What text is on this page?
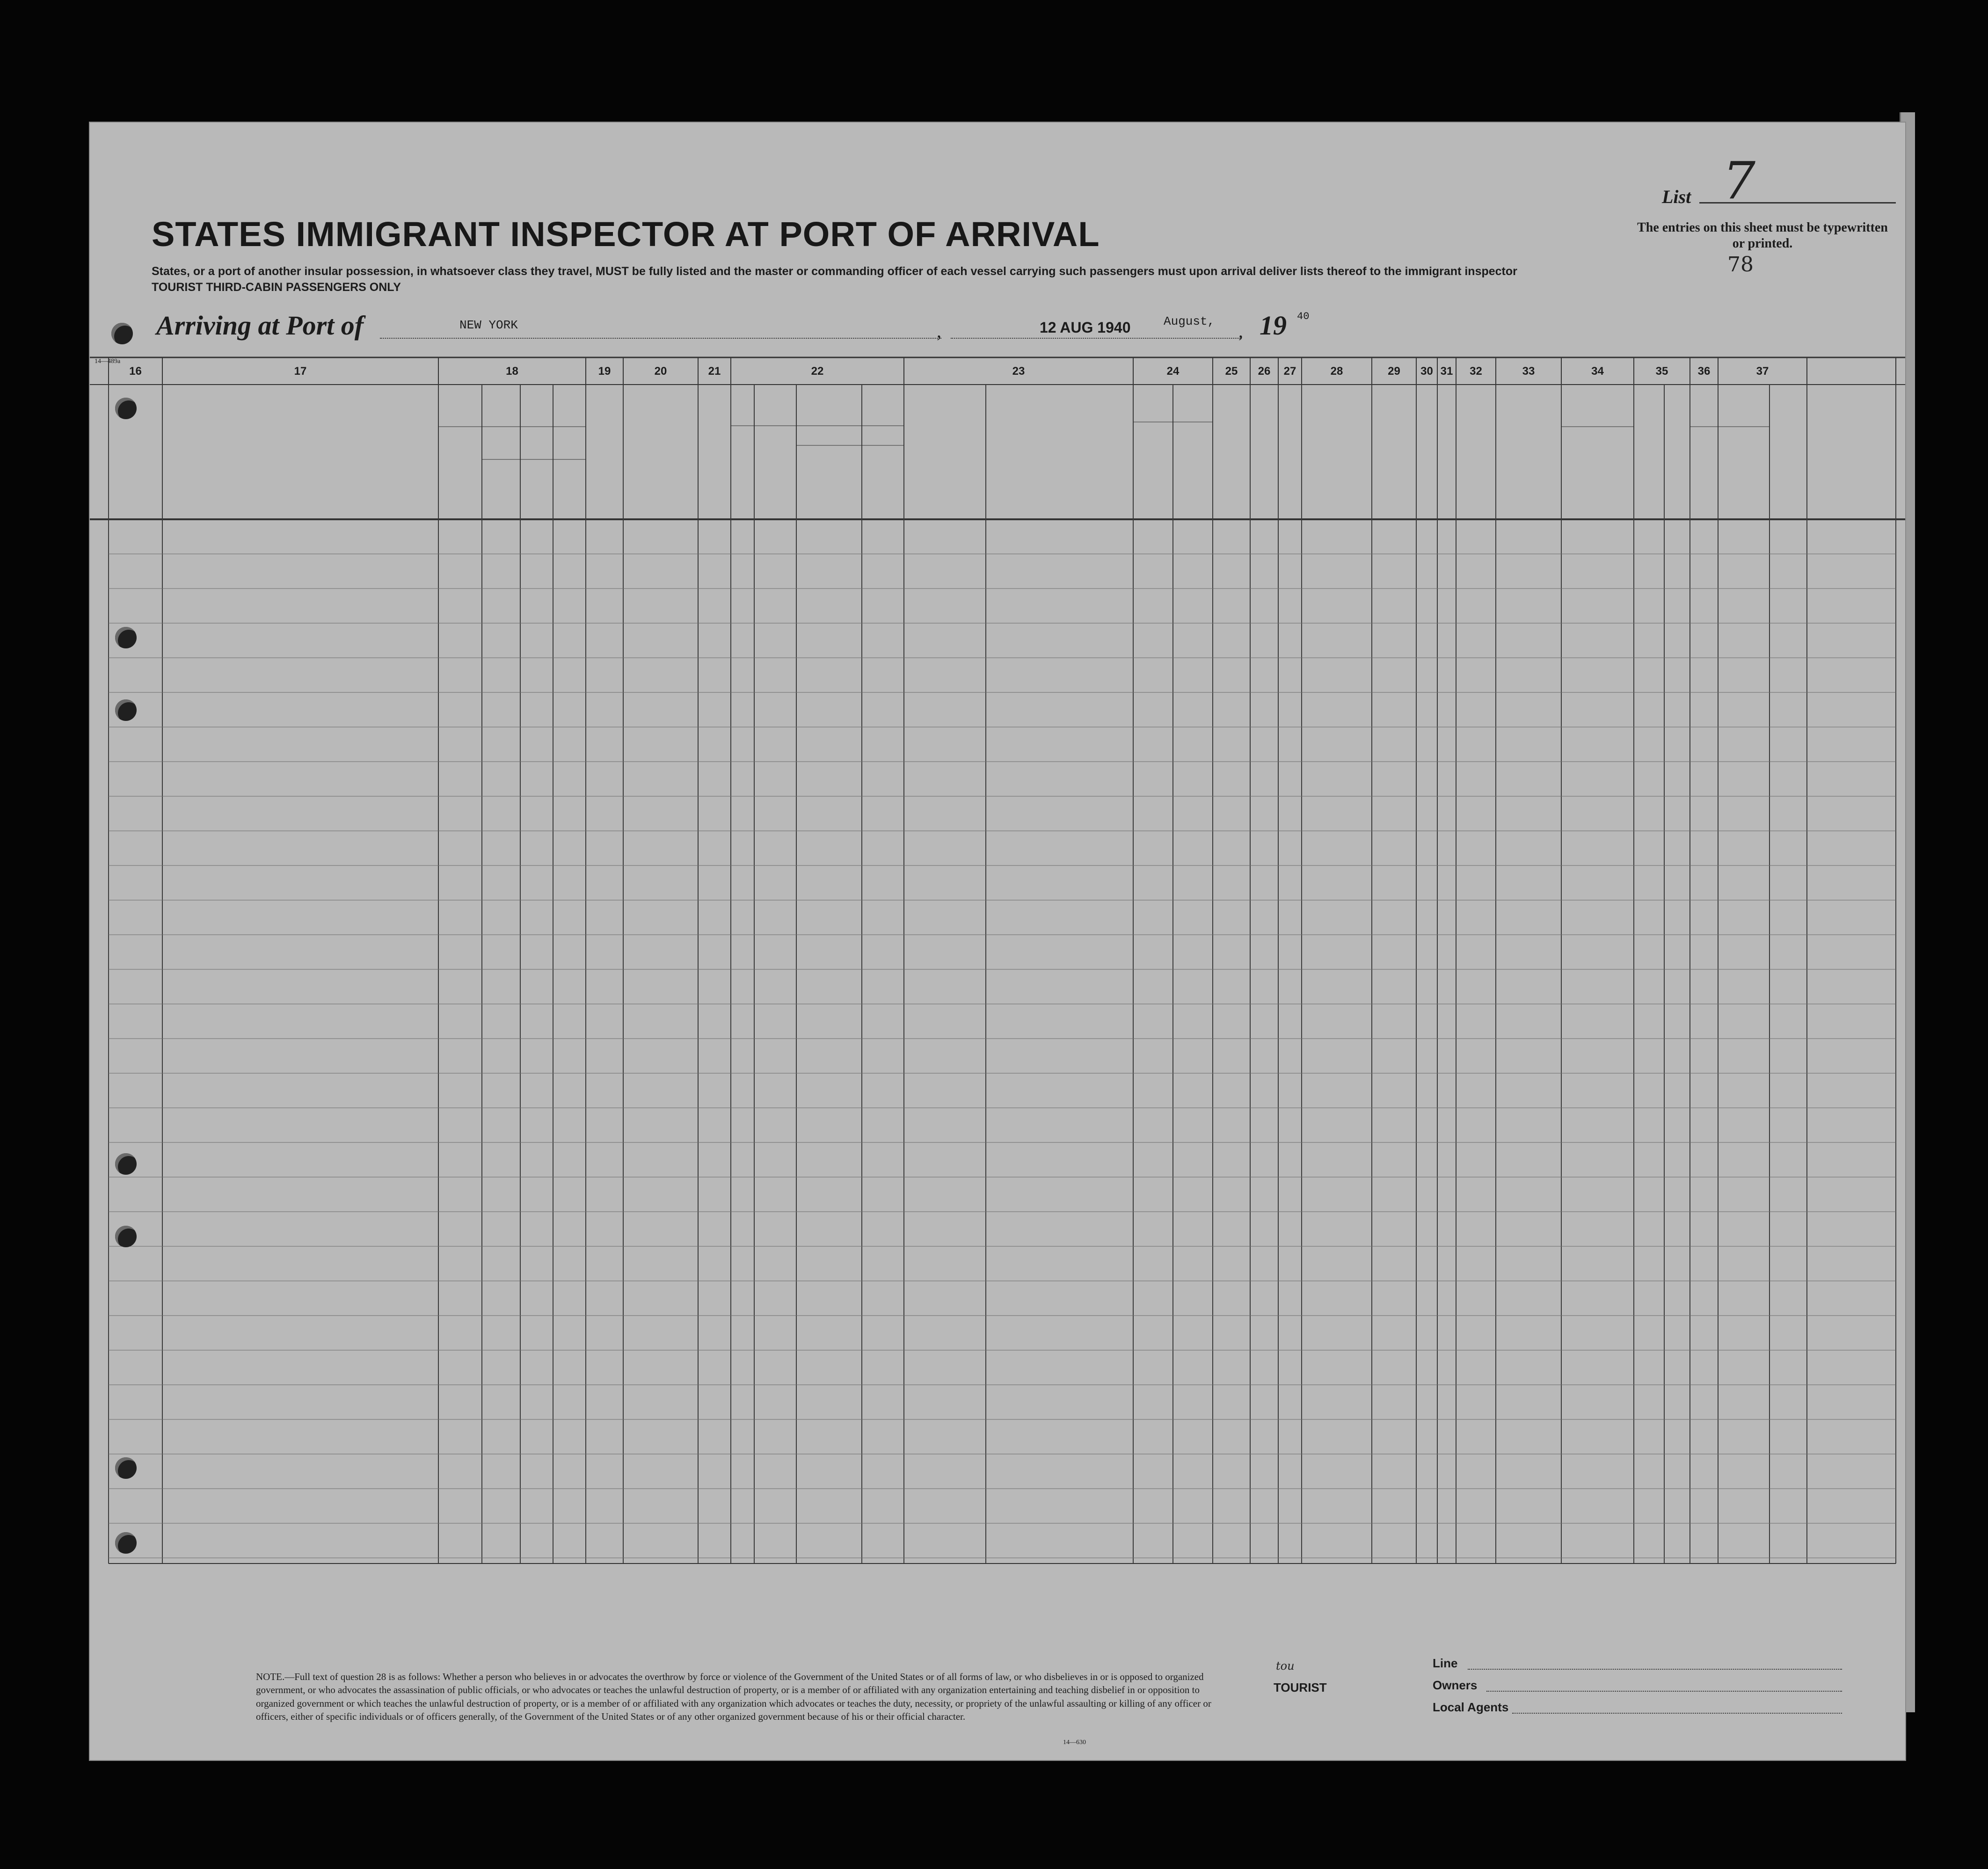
List 7
The entries on this sheet must be typewritten or printed.
78
STATES IMMIGRANT INSPECTOR AT PORT OF ARRIVAL
States, or a port of another insular possession, in whatsoever class they travel, MUST be fully listed and the master or commanding officer of each vessel carrying such passengers must upon arrival deliver lists thereof to the immigrant inspector
TOURIST THIRD-CABIN PASSENGERS ONLY
Arriving at Port of	NEW YORK	,	12 AUG 1940	August, , 19 40
14—489a
16	17	18	19	20	21	22	23	24	25	26	27	28	29	30 31	32	33	34	35	36	37
NOTE.—Full text of question 28 is as follows: Whether a person who believes in or advocates the overthrow by force or violence of the Government of the United States or of all forms of law, or who disbelieves in or is opposed to organized government, or who advocates the assassination of public officials, or who advocates or teaches the unlawful destruction of property, or is a member of or affiliated with any organization entertaining and teaching disbelief in or opposition to organized government or which teaches the unlawful destruction of property, or is a member of or affiliated with any organization which advocates or teaches the duty, necessity, or propriety of the unlawful assaulting or killing of any officer or officers, either of specific individuals or of officers generally, of the Government of the United States or of any other organized government because of his or their official character.
14—630
tou
TOURIST
Line
Owners
Local Agents
